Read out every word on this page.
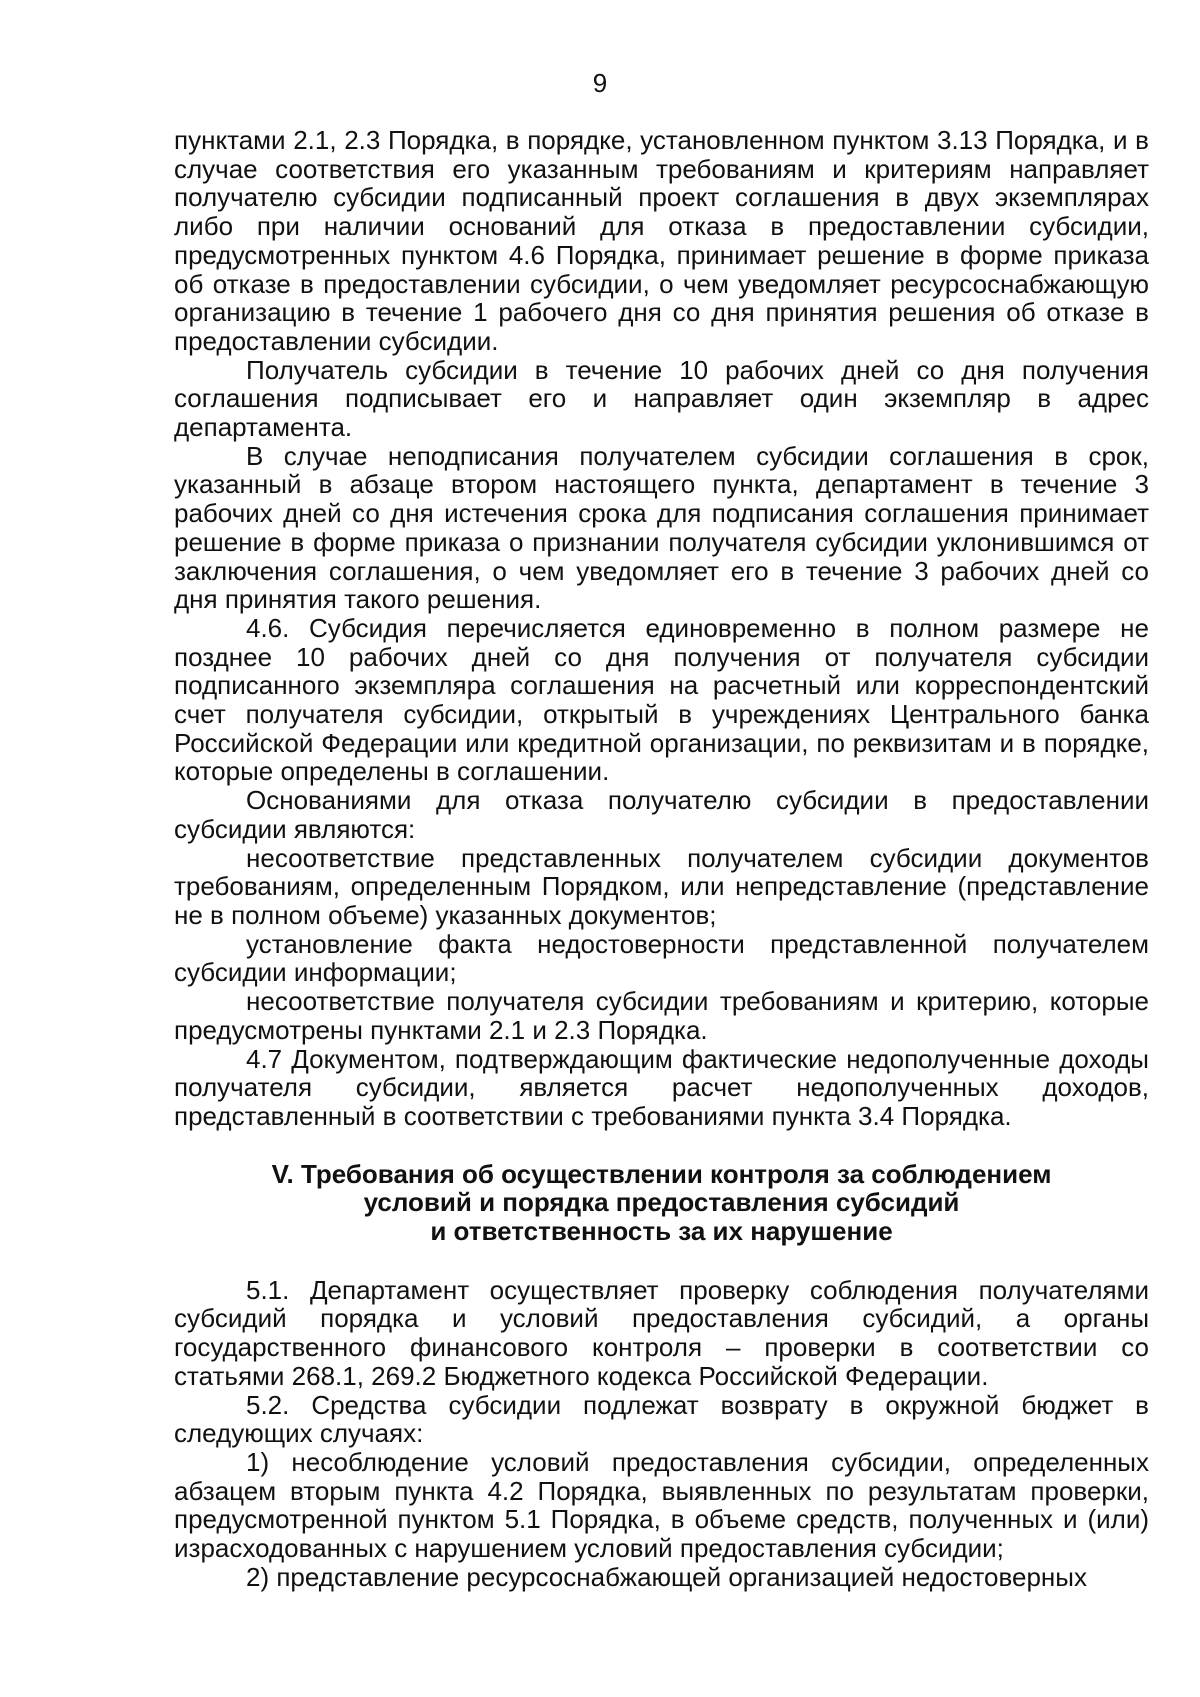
9

пунктами 2.1, 2.3 Порядка, в порядке, установленном пунктом 3.13 Порядка, и в случае соответствия его указанным требованиям и критериям направляет получателю субсидии подписанный проект соглашения в двух экземплярах либо при наличии оснований для отказа в предоставлении субсидии, предусмотренных пунктом 4.6 Порядка, принимает решение в форме приказа об отказе в предоставлении субсидии, о чем уведомляет ресурсоснабжающую организацию в течение 1 рабочего дня со дня принятия решения об отказе в предоставлении субсидии.

Получатель субсидии в течение 10 рабочих дней со дня получения соглашения подписывает его и направляет один экземпляр в адрес департамента.

В случае неподписания получателем субсидии соглашения в срок, указанный в абзаце втором настоящего пункта, департамент в течение 3 рабочих дней со дня истечения срока для подписания соглашения принимает решение в форме приказа о признании получателя субсидии уклонившимся от заключения соглашения, о чем уведомляет его в течение 3 рабочих дней со дня принятия такого решения.

4.6. Субсидия перечисляется единовременно в полном размере не позднее 10 рабочих дней со дня получения от получателя субсидии подписанного экземпляра соглашения на расчетный или корреспондентский счет получателя субсидии, открытый в учреждениях Центрального банка Российской Федерации или кредитной организации, по реквизитам и в порядке, которые определены в соглашении.

Основаниями для отказа получателю субсидии в предоставлении субсидии являются:

несоответствие представленных получателем субсидии документов требованиям, определенным Порядком, или непредставление (представление не в полном объеме) указанных документов;

установление факта недостоверности представленной получателем субсидии информации;

несоответствие получателя субсидии требованиям и критерию, которые предусмотрены пунктами 2.1 и 2.3 Порядка.

4.7 Документом, подтверждающим фактические недополученные доходы получателя субсидии, является расчет недополученных доходов, представленный в соответствии с требованиями пункта 3.4 Порядка.

V. Требования об осуществлении контроля за соблюдением
условий и порядка предоставления субсидий
и ответственность за их нарушение

5.1. Департамент осуществляет проверку соблюдения получателями субсидий порядка и условий предоставления субсидий, а органы государственного финансового контроля – проверки в соответствии со статьями 268.1, 269.2 Бюджетного кодекса Российской Федерации.

5.2. Средства субсидии подлежат возврату в окружной бюджет в следующих случаях:

1) несоблюдение условий предоставления субсидии, определенных абзацем вторым пункта 4.2 Порядка, выявленных по результатам проверки, предусмотренной пунктом 5.1 Порядка, в объеме средств, полученных и (или) израсходованных с нарушением условий предоставления субсидии;

2) представление ресурсоснабжающей организацией недостоверных
